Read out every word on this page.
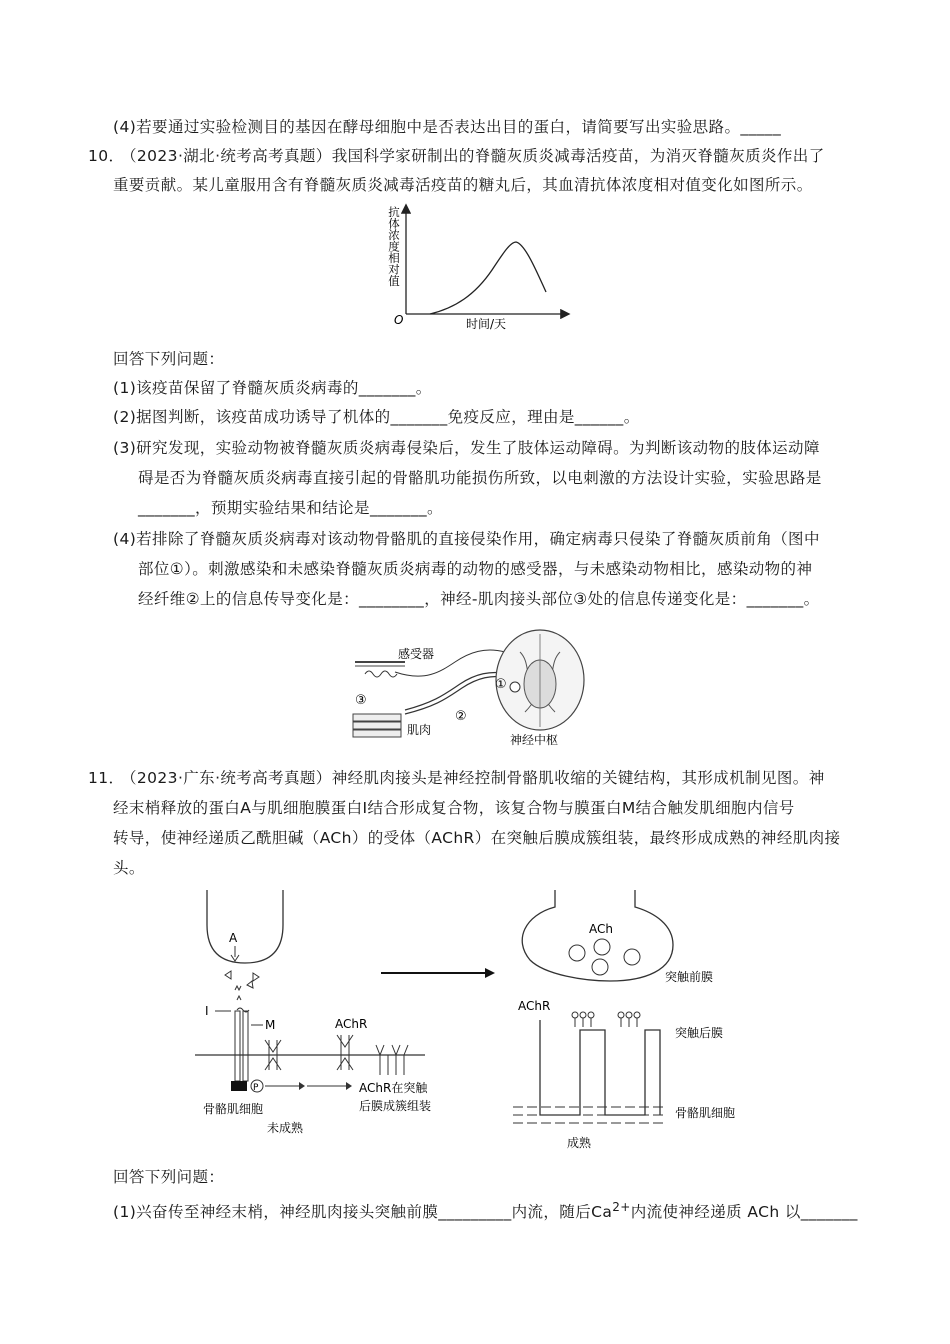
(4)若要通过实验检测目的基因在酵母细胞中是否表达出目的蛋白，请简要写出实验思路。_____
10．
（2023·湖北·统考高考真题）我国科学家研制出的脊髓灰质炎减毒活疫苗，为消灭脊髓灰质炎作出了
重要贡献。某儿童服用含有脊髓灰质炎减毒活疫苗的糖丸后，其血清抗体浓度相对值变化如图所示。
抗体浓度相对值
O	时间/天
回答下列问题：
(1)该疫苗保留了脊髓灰质炎病毒的_______。
(2)据图判断，该疫苗成功诱导了机体的_______免疫反应，理由是______。
(3)研究发现，实验动物被脊髓灰质炎病毒侵染后，发生了肢体运动障碍。为判断该动物的肢体运动障
碍是否为脊髓灰质炎病毒直接引起的骨骼肌功能损伤所致，以电刺激的方法设计实验，实验思路是
_______，预期实验结果和结论是_______。
(4)若排除了脊髓灰质炎病毒对该动物骨骼肌的直接侵染作用，确定病毒只侵染了脊髓灰质前角（图中
部位①）。刺激感染和未感染脊髓灰质炎病毒的动物的感受器，与未感染动物相比，感染动物的神
经纤维②上的信息传导变化是：________，神经-肌肉接头部位③处的信息传递变化是：_______。
感受器
①
②
③
肌肉
神经中枢
11．
（2023·广东·统考高考真题）神经肌肉接头是神经控制骨骼肌收缩的关键结构，其形成机制见图。神
经末梢释放的蛋白A与肌细胞膜蛋白Ⅰ结合形成复合物，该复合物与膜蛋白M结合触发肌细胞内信号
转导，使神经递质乙酰胆碱（ACh）的受体（AChR）在突触后膜成簇组装，最终形成成熟的神经肌肉接
头。
A
I
M	AChR
P	AChR在突触
后膜成簇组装
骨骼肌细胞
未成熟
ACh
突触前膜
AChR
突触后膜
骨骼肌细胞
成熟
回答下列问题：
(1)兴奋传至神经末梢，神经肌肉接头突触前膜_________内流，随后$Ca^{2+}$内流使神经递质 ACh 以_______
